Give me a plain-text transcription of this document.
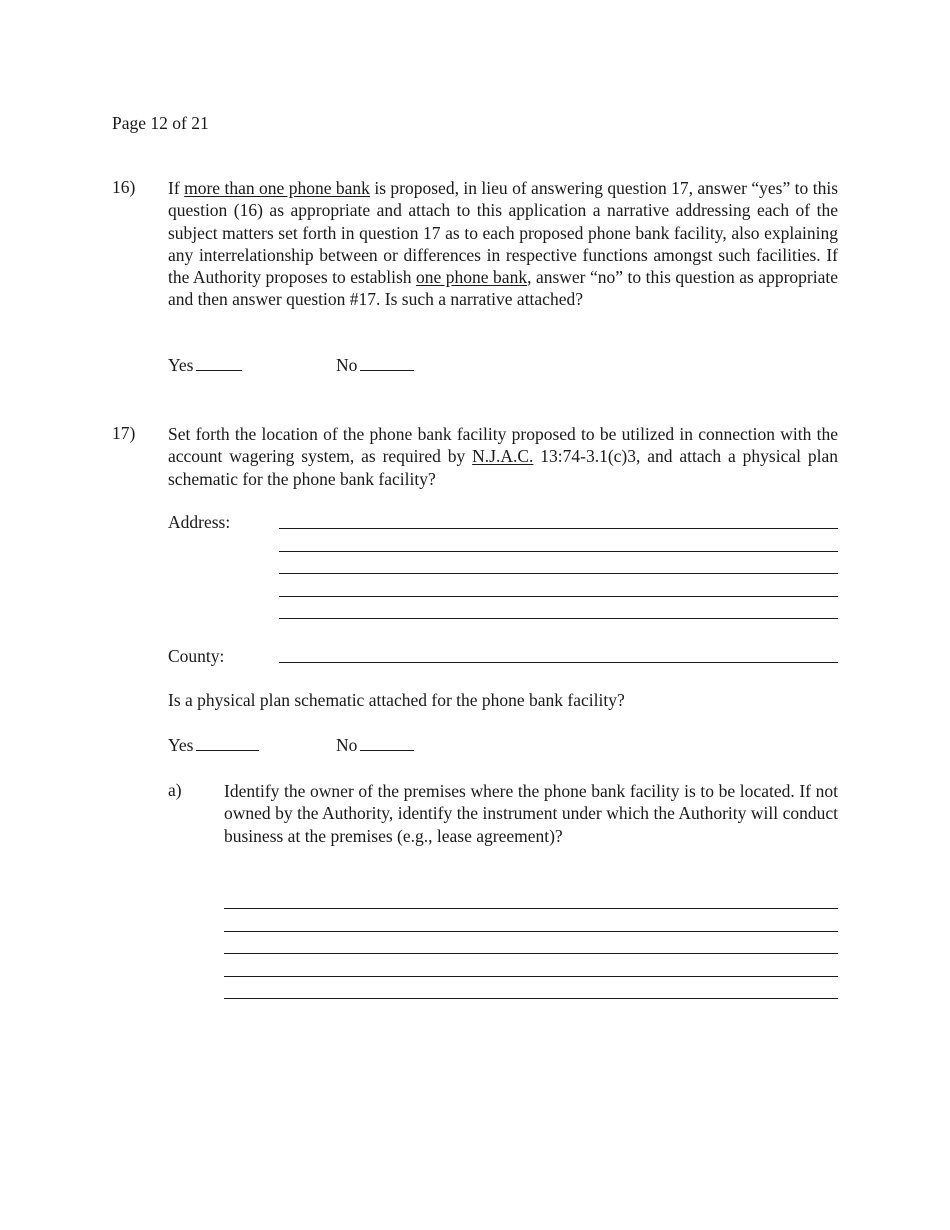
Page 12 of 21
16) If more than one phone bank is proposed, in lieu of answering question 17, answer “yes” to this question (16) as appropriate and attach to this application a narrative addressing each of the subject matters set forth in question 17 as to each proposed phone bank facility, also explaining any interrelationship between or differences in respective functions amongst such facilities. If the Authority proposes to establish one phone bank, answer “no” to this question as appropriate and then answer question #17. Is such a narrative attached?
Yes	No
17) Set forth the location of the phone bank facility proposed to be utilized in connection with the account wagering system, as required by N.J.A.C. 13:74-3.1(c)3, and attach a physical plan schematic for the phone bank facility?
Address:
County:
Is a physical plan schematic attached for the phone bank facility?
Yes	No
a) Identify the owner of the premises where the phone bank facility is to be located. If not owned by the Authority, identify the instrument under which the Authority will conduct business at the premises (e.g., lease agreement)?
